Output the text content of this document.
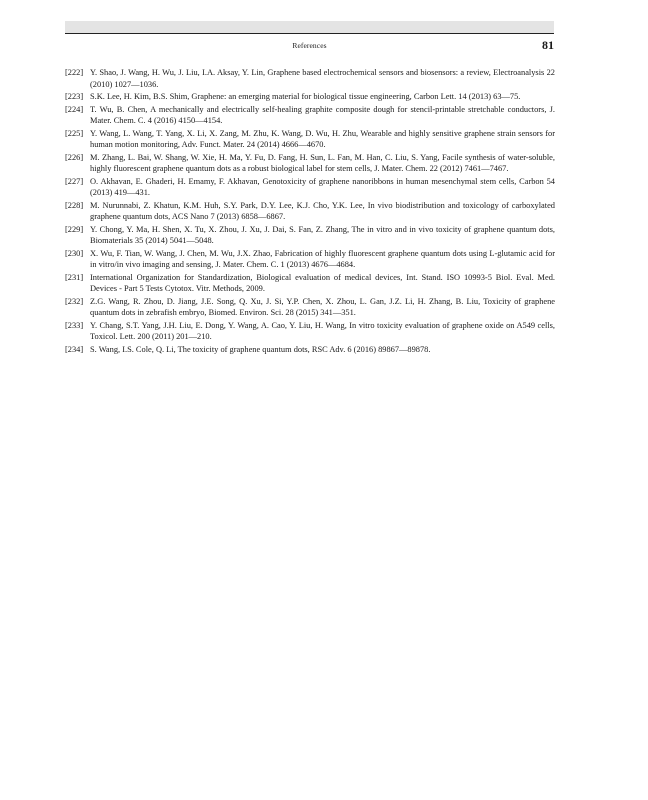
References	81
[222] Y. Shao, J. Wang, H. Wu, J. Liu, I.A. Aksay, Y. Lin, Graphene based electrochemical sensors and biosensors: a review, Electroanalysis 22 (2010) 1027—1036.
[223] S.K. Lee, H. Kim, B.S. Shim, Graphene: an emerging material for biological tissue engineering, Carbon Lett. 14 (2013) 63—75.
[224] T. Wu, B. Chen, A mechanically and electrically self-healing graphite composite dough for stencil-printable stretchable conductors, J. Mater. Chem. C. 4 (2016) 4150—4154.
[225] Y. Wang, L. Wang, T. Yang, X. Li, X. Zang, M. Zhu, K. Wang, D. Wu, H. Zhu, Wearable and highly sensitive graphene strain sensors for human motion monitoring, Adv. Funct. Mater. 24 (2014) 4666—4670.
[226] M. Zhang, L. Bai, W. Shang, W. Xie, H. Ma, Y. Fu, D. Fang, H. Sun, L. Fan, M. Han, C. Liu, S. Yang, Facile synthesis of water-soluble, highly fluorescent graphene quantum dots as a robust biological label for stem cells, J. Mater. Chem. 22 (2012) 7461—7467.
[227] O. Akhavan, E. Ghaderi, H. Emamy, F. Akhavan, Genotoxicity of graphene nanoribbons in human mesenchymal stem cells, Carbon 54 (2013) 419—431.
[228] M. Nurunnabi, Z. Khatun, K.M. Huh, S.Y. Park, D.Y. Lee, K.J. Cho, Y.K. Lee, In vivo biodistribution and toxicology of carboxylated graphene quantum dots, ACS Nano 7 (2013) 6858—6867.
[229] Y. Chong, Y. Ma, H. Shen, X. Tu, X. Zhou, J. Xu, J. Dai, S. Fan, Z. Zhang, The in vitro and in vivo toxicity of graphene quantum dots, Biomaterials 35 (2014) 5041—5048.
[230] X. Wu, F. Tian, W. Wang, J. Chen, M. Wu, J.X. Zhao, Fabrication of highly fluorescent graphene quantum dots using L-glutamic acid for in vitro/in vivo imaging and sensing, J. Mater. Chem. C. 1 (2013) 4676—4684.
[231] International Organization for Standardization, Biological evaluation of medical devices, Int. Stand. ISO 10993-5 Biol. Eval. Med. Devices - Part 5 Tests Cytotox. Vitr. Methods, 2009.
[232] Z.G. Wang, R. Zhou, D. Jiang, J.E. Song, Q. Xu, J. Si, Y.P. Chen, X. Zhou, L. Gan, J.Z. Li, H. Zhang, B. Liu, Toxicity of graphene quantum dots in zebrafish embryo, Biomed. Environ. Sci. 28 (2015) 341—351.
[233] Y. Chang, S.T. Yang, J.H. Liu, E. Dong, Y. Wang, A. Cao, Y. Liu, H. Wang, In vitro toxicity evaluation of graphene oxide on A549 cells, Toxicol. Lett. 200 (2011) 201—210.
[234] S. Wang, I.S. Cole, Q. Li, The toxicity of graphene quantum dots, RSC Adv. 6 (2016) 89867—89878.
